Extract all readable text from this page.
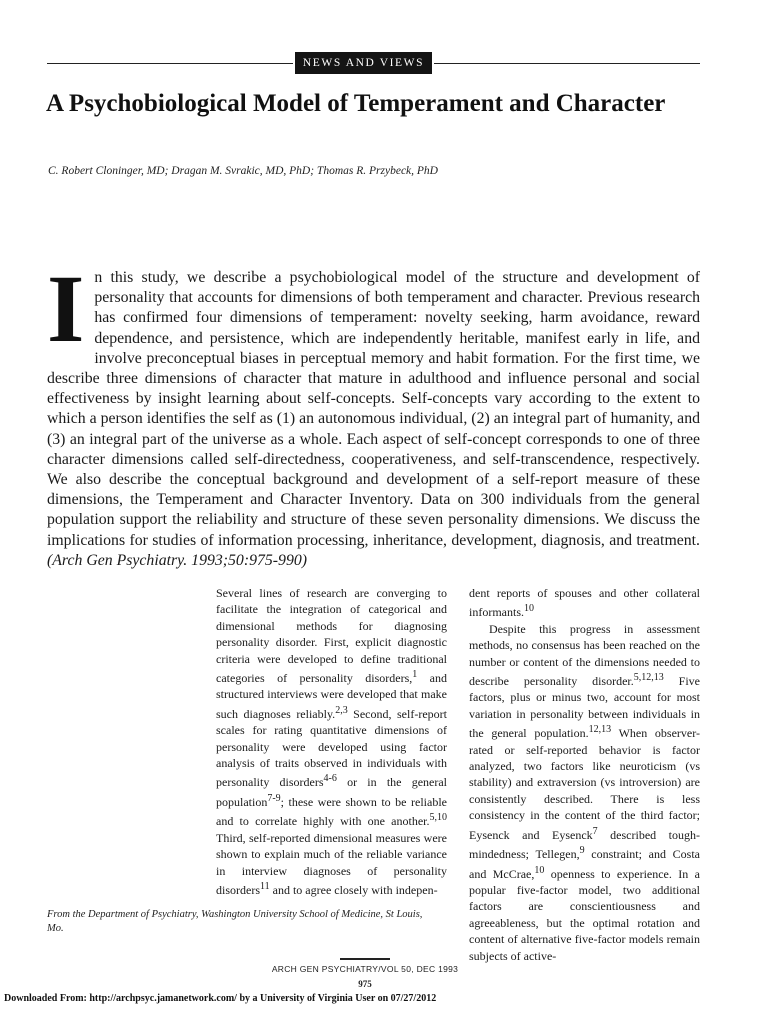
NEWS AND VIEWS
A Psychobiological Model of Temperament and Character
C. Robert Cloninger, MD; Dragan M. Svrakic, MD, PhD; Thomas R. Przybeck, PhD
I n this study, we describe a psychobiological model of the structure and development of personality that accounts for dimensions of both temperament and character. Previous research has confirmed four dimensions of temperament: novelty seeking, harm avoidance, reward dependence, and persistence, which are independently heritable, manifest early in life, and involve preconceptual biases in perceptual memory and habit formation. For the first time, we describe three dimensions of character that mature in adulthood and influence personal and social effectiveness by insight learning about self-concepts. Self-concepts vary according to the extent to which a person identifies the self as (1) an autonomous individual, (2) an integral part of humanity, and (3) an integral part of the universe as a whole. Each aspect of self-concept corresponds to one of three character dimensions called self-directedness, cooperativeness, and self-transcendence, respectively. We also describe the conceptual background and development of a self-report measure of these dimensions, the Temperament and Character Inventory. Data on 300 individuals from the general population support the reliability and structure of these seven personality dimensions. We discuss the implications for studies of information processing, inheritance, development, diagnosis, and treatment. (Arch Gen Psychiatry. 1993;50:975-990)

Several lines of research are converging to facilitate the integration of categorical and dimensional methods for diagnosing personality disorder. First, explicit diagnostic criteria were developed to define traditional categories of personality disorders,$^1$ and structured interviews were developed that make such diagnoses reliably.$^{2,3}$ Second, self-report scales for rating quantitative dimensions of personality were developed using factor analysis of traits observed in individuals with personality disorders$^{4-6}$ or in the general population$^{7-9}$; these were shown to be reliable and to correlate highly with one another.$^{5,10}$ Third, self-reported dimensional measures were shown to explain much of the reliable variance in interview diagnoses of personality disorders$^{11}$ and to agree closely with indepen-

dent reports of spouses and other collateral informants.$^{10}$

Despite this progress in assessment methods, no consensus has been reached on the number or content of the dimensions needed to describe personality disorder.$^{5,12,13}$ Five factors, plus or minus two, account for most variation in personality between individuals in the general population.$^{12,13}$ When observer-rated or self-reported behavior is factor analyzed, two factors like neuroticism (vs stability) and extraversion (vs introversion) are consistently described. There is less consistency in the content of the third factor; Eysenck and Eysenck$^7$ described tough-mindedness; Tellegen,$^9$ constraint; and Costa and McCrae,$^{10}$ openness to experience. In a popular five-factor model, two additional factors are conscientiousness and agreeableness, but the optimal rotation and content of alternative five-factor models remain subjects of active-

From the Department of Psychiatry, Washington University School of Medicine, St Louis, Mo.
ARCH GEN PSYCHIATRY/VOL 50, DEC 1993
975
Downloaded From: http://archpsyc.jamanetwork.com/ by a University of Virginia User on 07/27/2012
